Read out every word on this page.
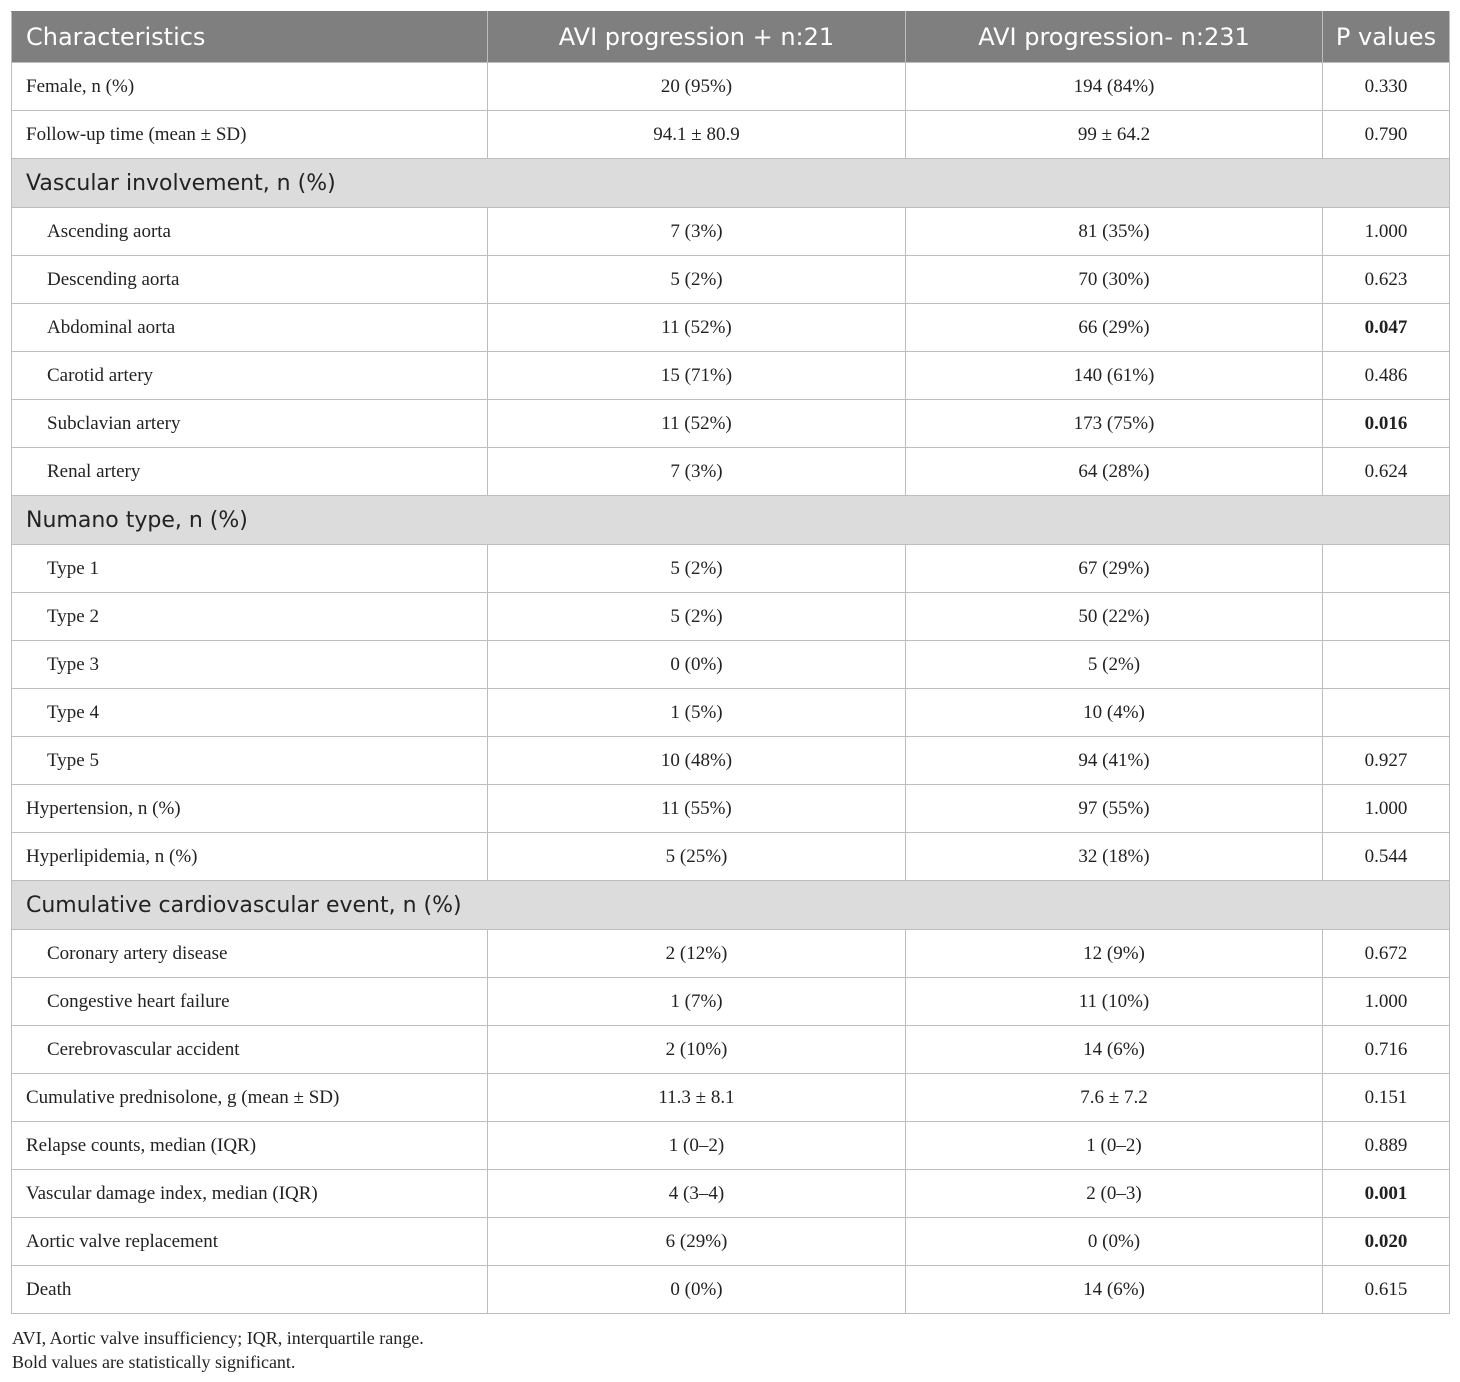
Characteristics	AVI progression + n:21	AVI progression- n:231	P values
Female, n (%)	20 (95%)	194 (84%)	0.330
Follow-up time (mean ± SD)	94.1 ± 80.9	99 ± 64.2	0.790
Vascular involvement, n (%)			
Ascending aorta	7 (3%)	81 (35%)	1.000
Descending aorta	5 (2%)	70 (30%)	0.623
Abdominal aorta	11 (52%)	66 (29%)	0.047
Carotid artery	15 (71%)	140 (61%)	0.486
Subclavian artery	11 (52%)	173 (75%)	0.016
Renal artery	7 (3%)	64 (28%)	0.624
Numano type, n (%)			
Type 1	5 (2%)	67 (29%)	
Type 2	5 (2%)	50 (22%)	
Type 3	0 (0%)	5 (2%)	
Type 4	1 (5%)	10 (4%)	
Type 5	10 (48%)	94 (41%)	0.927
Hypertension, n (%)	11 (55%)	97 (55%)	1.000
Hyperlipidemia, n (%)	5 (25%)	32 (18%)	0.544
Cumulative cardiovascular event, n (%)			
Coronary artery disease	2 (12%)	12 (9%)	0.672
Congestive heart failure	1 (7%)	11 (10%)	1.000
Cerebrovascular accident	2 (10%)	14 (6%)	0.716
Cumulative prednisolone, g (mean ± SD)	11.3 ± 8.1	7.6 ± 7.2	0.151
Relapse counts, median (IQR)	1 (0–2)	1 (0–2)	0.889
Vascular damage index, median (IQR)	4 (3–4)	2 (0–3)	0.001
Aortic valve replacement	6 (29%)	0 (0%)	0.020
Death	0 (0%)	14 (6%)	0.615
AVI, Aortic valve insufficiency; IQR, interquartile range.
Bold values are statistically significant.
